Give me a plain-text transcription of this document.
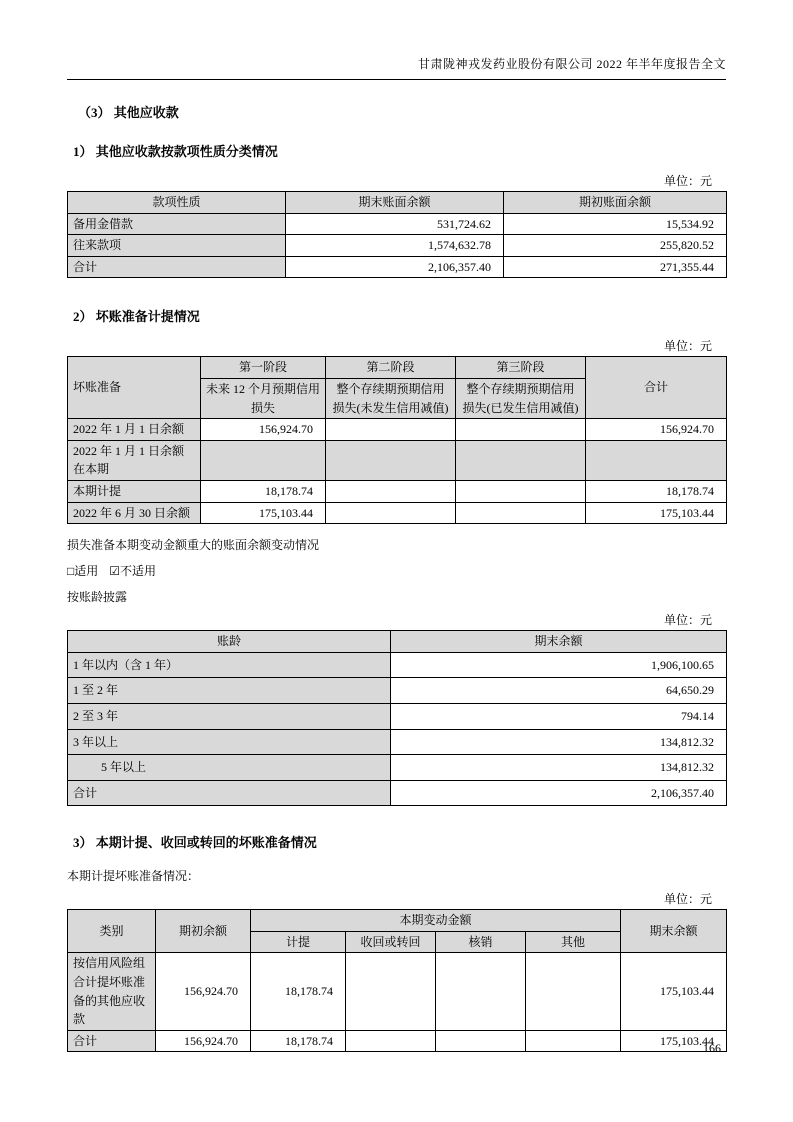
甘肃陇神戎发药业股份有限公司 2022 年半年度报告全文
（3） 其他应收款
1） 其他应收款按款项性质分类情况
单位：元
款项性质	期末账面余额	期初账面余额
备用金借款	531,724.62	15,534.92
往来款项	1,574,632.78	255,820.52
合计	2,106,357.40	271,355.44
2） 坏账准备计提情况
单位：元
坏账准备	第一阶段	第二阶段	第三阶段	合计
	未来 12 个月预期信用损失	整个存续期预期信用损失(未发生信用减值)	整个存续期预期信用损失(已发生信用减值)	
2022 年 1 月 1 日余额	156,924.70			156,924.70
2022 年 1 月 1 日余额在本期				
本期计提	18,178.74			18,178.74
2022 年 6 月 30 日余额	175,103.44			175,103.44

损失准备本期变动金额重大的账面余额变动情况

□适用 ☑不适用

按账龄披露

单位：元
账龄	期末余额
1 年以内（含 1 年）	1,906,100.65
1 至 2 年	64,650.29
2 至 3 年	794.14
3 年以上	134,812.32
5 年以上	134,812.32
合计	2,106,357.40
3） 本期计提、收回或转回的坏账准备情况

本期计提坏账准备情况：

单位：元
类别	期初余额	本期变动金额				期末余额
		计提	收回或转回	核销	其他	
按信用风险组合计提坏账准备的其他应收款	156,924.70	18,178.74				175,103.44
合计	156,924.70	18,178.74				175,103.44
166
